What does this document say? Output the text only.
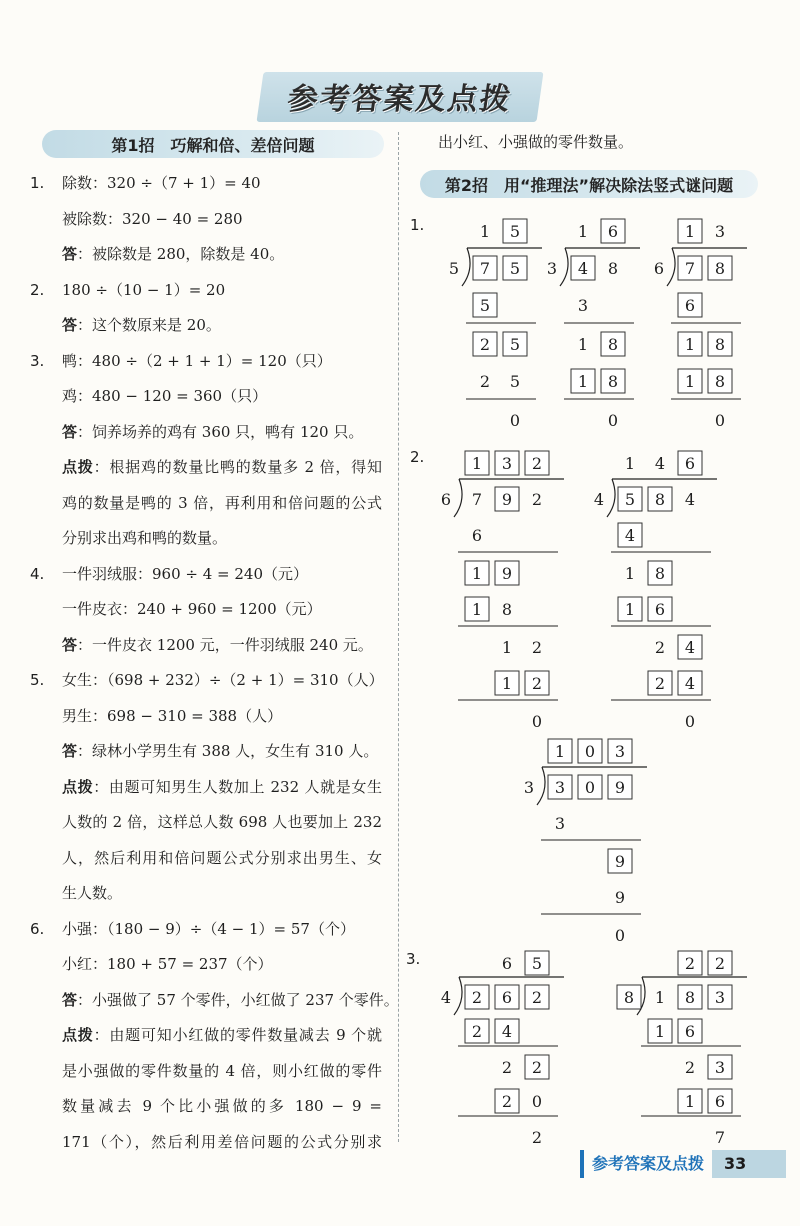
参考答案及点拨
第1招　巧解和倍、差倍问题
1. 除数：320 ÷（7 + 1）= 40
被除数：320 − 40 = 280
答：被除数是 280，除数是 40。
2. 180 ÷（10 − 1）= 20
答：这个数原来是 20。
3. 鸭：480 ÷（2 + 1 + 1）= 120（只）
鸡：480 − 120 = 360（只）
答：饲养场养的鸡有 360 只，鸭有 120 只。
点拨：根据鸡的数量比鸭的数量多 2 倍，得知
鸡的数量是鸭的 3 倍，再利用和倍问题的公式
分别求出鸡和鸭的数量。
4. 一件羽绒服：960 ÷ 4 = 240（元）
一件皮衣：240 + 960 = 1200（元）
答：一件皮衣 1200 元，一件羽绒服 240 元。
5. 女生：（698 + 232）÷（2 + 1）= 310（人）
男生：698 − 310 = 388（人）
答：绿林小学男生有 388 人，女生有 310 人。
点拨：由题可知男生人数加上 232 人就是女生
人数的 2 倍，这样总人数 698 人也要加上 232
人，然后利用和倍问题公式分别求出男生、女
生人数。
6. 小强：（180 − 9）÷（4 − 1）= 57（个）
小红：180 + 57 = 237（个）
答：小强做了 57 个零件，小红做了 237 个零件。
点拨：由题可知小红做的零件数量减去 9 个就
是小强做的零件数量的 4 倍，则小红做的零件
数量减去 9 个比小强做的多 180 − 9 =
171（个），然后利用差倍问题的公式分别求
出小红、小强做的零件数量。
第2招　用“推理法”解决除法竖式谜问题
1.
2.
3.
1 5
7 5
5
5
2 5
2 5
0
1 6
4 8
3
3
1 8
1 8
0
1 3
7 8
6
6
1 8
1 8
0
1 3 2
7 9 2
6
6
1 9
1 8
1 2
1 2
0
1 4 6
5 8 4
4
4
1 8
1 6
2 4
2 4
0
1 0 3
3 0 9
3
3
9
9
0
6 5
2 6 2
4
2 4
2 2
2 0
2
2 2
1 8 3
8
1 6
2 3
1 6
7
参考答案及点拨	33
